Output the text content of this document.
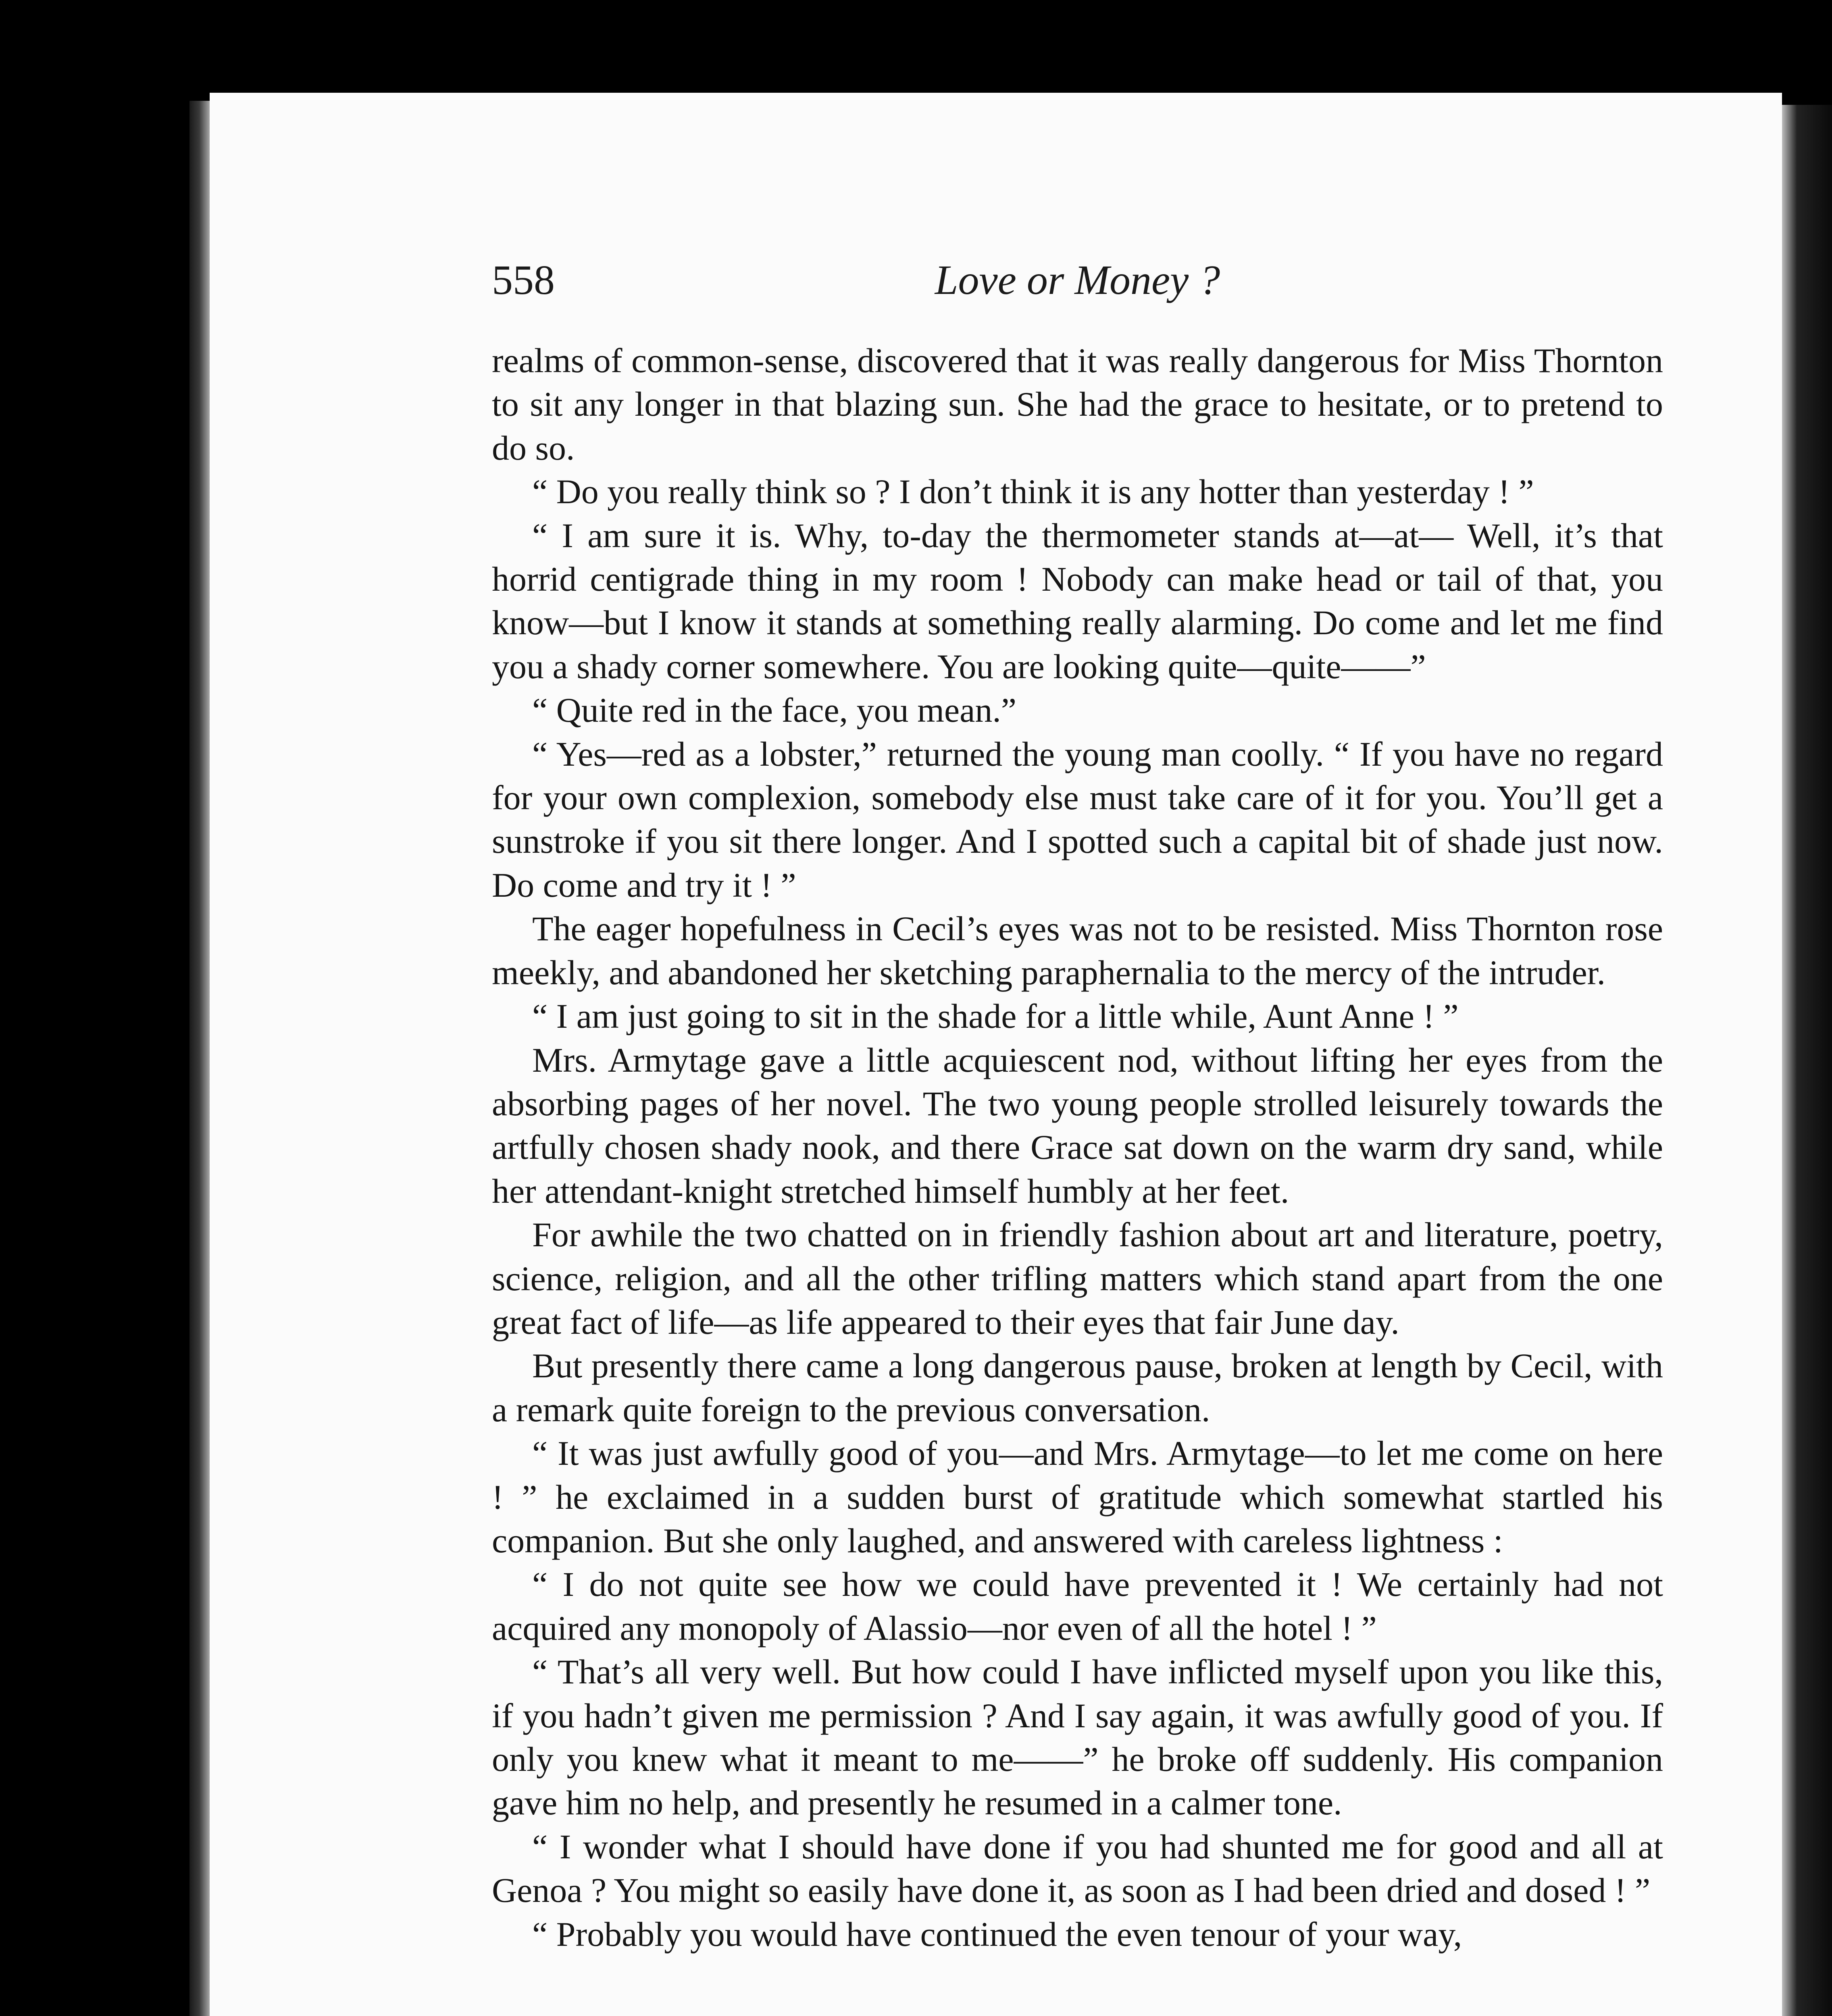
558	Love or Money ?

realms of common-sense, discovered that it was really dangerous for Miss Thornton to sit any longer in that blazing sun. She had the grace to hesitate, or to pretend to do so.

“ Do you really think so ? I don’t think it is any hotter than yesterday ! ”

“ I am sure it is. Why, to-day the thermometer stands at—at— Well, it’s that horrid centigrade thing in my room ! Nobody can make head or tail of that, you know—but I know it stands at something really alarming. Do come and let me find you a shady corner somewhere. You are looking quite—quite——”

“ Quite red in the face, you mean.”

“ Yes—red as a lobster,” returned the young man coolly. “ If you have no regard for your own complexion, somebody else must take care of it for you. You’ll get a sunstroke if you sit there longer. And I spotted such a capital bit of shade just now. Do come and try it ! ”

The eager hopefulness in Cecil’s eyes was not to be resisted. Miss Thornton rose meekly, and abandoned her sketching paraphernalia to the mercy of the intruder.

“ I am just going to sit in the shade for a little while, Aunt Anne ! ”

Mrs. Armytage gave a little acquiescent nod, without lifting her eyes from the absorbing pages of her novel. The two young people strolled leisurely towards the artfully chosen shady nook, and there Grace sat down on the warm dry sand, while her attendant-knight stretched himself humbly at her feet.

For awhile the two chatted on in friendly fashion about art and literature, poetry, science, religion, and all the other trifling matters which stand apart from the one great fact of life—as life appeared to their eyes that fair June day.

But presently there came a long dangerous pause, broken at length by Cecil, with a remark quite foreign to the previous conversation.

“ It was just awfully good of you—and Mrs. Armytage—to let me come on here ! ” he exclaimed in a sudden burst of gratitude which somewhat startled his companion. But she only laughed, and answered with careless lightness :

“ I do not quite see how we could have prevented it ! We certainly had not acquired any monopoly of Alassio—nor even of all the hotel ! ”

“ That’s all very well. But how could I have inflicted myself upon you like this, if you hadn’t given me permission ? And I say again, it was awfully good of you. If only you knew what it meant to me——” he broke off suddenly. His companion gave him no help, and presently he resumed in a calmer tone.

“ I wonder what I should have done if you had shunted me for good and all at Genoa ? You might so easily have done it, as soon as I had been dried and dosed ! ”

“ Probably you would have continued the even tenour of your way,
